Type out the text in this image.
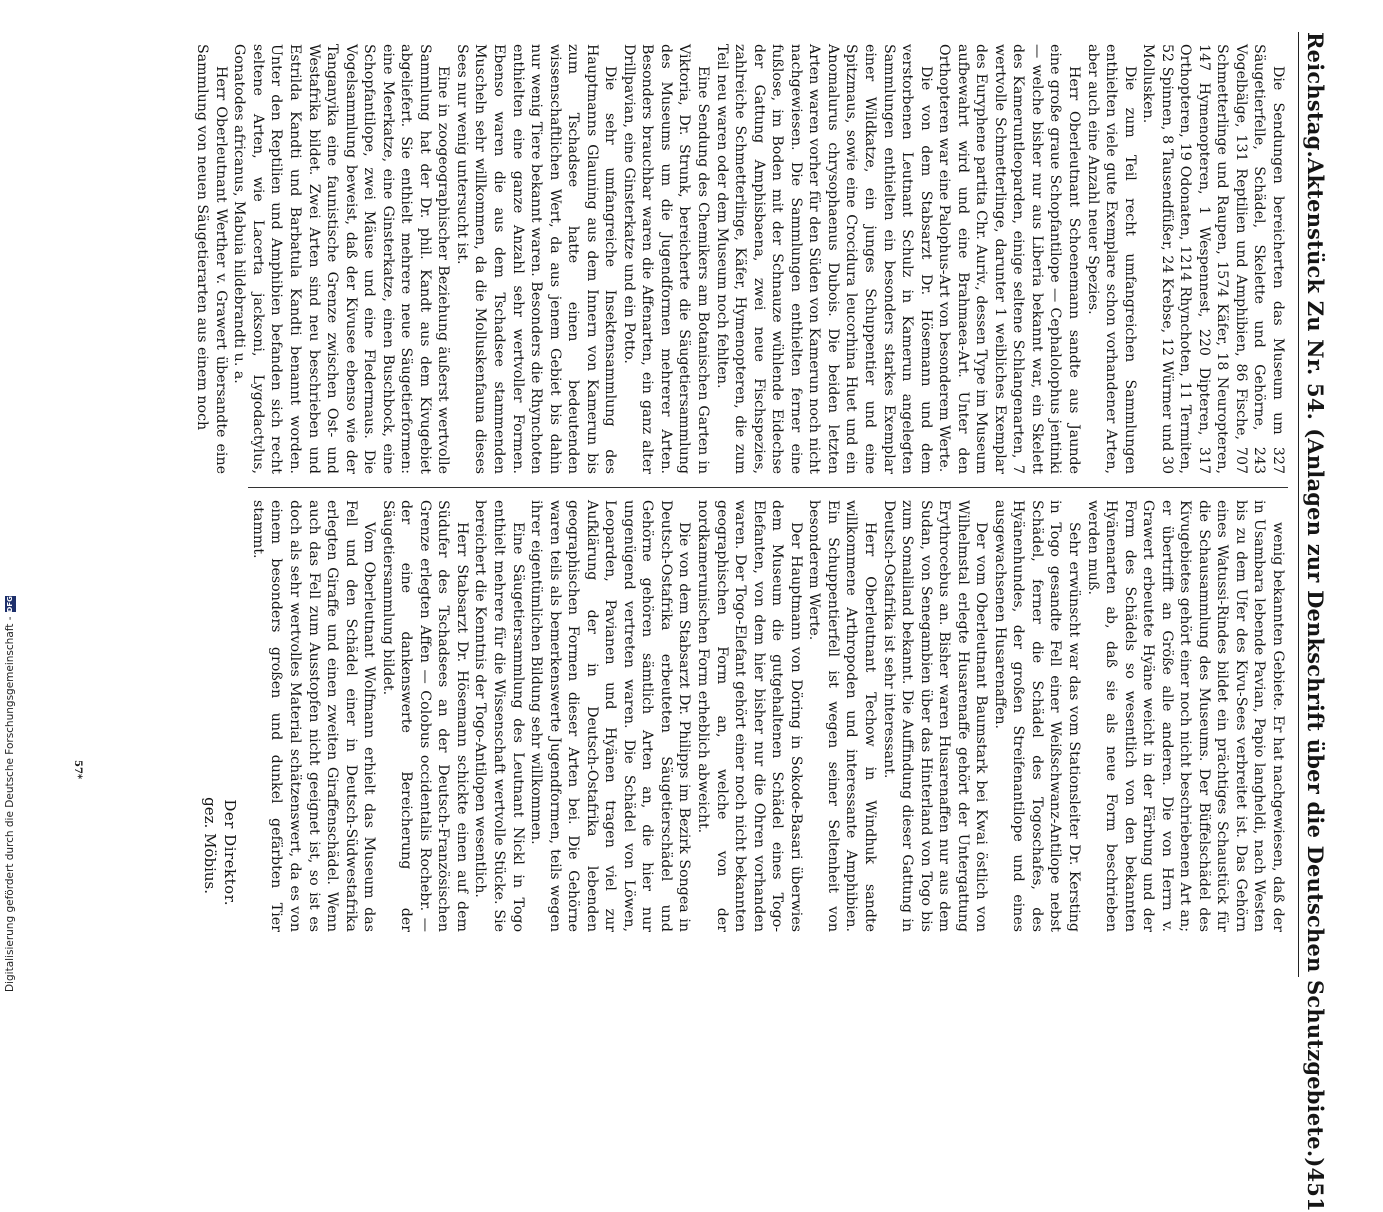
Reichstag.
Aktenstück Zu Nr. 54.
(Anlagen zur Denkschrift über die Deutschen Schutzgebiete.)
451

Die Sendungen bereicherten das Museum um 327 Säugetierfelle, Schädel, Skelette und Gehörne, 243 Vogelbälge, 131 Reptilien und Amphibien, 86 Fische, 707 Schmetterlinge und Raupen, 1574 Käfer, 18 Neuropteren, 147 Hymenopteren, 1 Wespennest, 220 Dipteren, 317 Orthopteren, 19 Odonaten, 1214 Rhynchoten, 11 Termiten, 52 Spinnen, 8 Tausendfüßer, 24 Krebse, 12 Würmer und 30 Mollusken.

Die zum Teil recht umfangreichen Sammlungen enthielten viele gute Exemplare schon vorhandener Arten, aber auch eine Anzahl neuer Spezies.

Herr Oberleutnant Schoenemann sandte aus Jaunde eine große graue Schopfantilope — Cephalolophus jentinki — welche bisher nur aus Liberia bekannt war, ein Skelett des Kameruntleoparden, einige seltene Schlangenarten, 7 wertvolle Schmetterlinge, darunter 1 weibliches Exemplar des Euryphene partita Chr. Auriv., dessen Type im Museum aufbewahrt wird und eine Brahmaea-Art. Unter den Orthopteren war eine Palophus-Art von besonderem Werte.

Die von dem Stabsarzt Dr. Hösemann und dem verstorbenen Leutnant Schulz in Kamerun angelegten Sammlungen enthielten ein besonders starkes Exemplar einer Wildkatze, ein junges Schuppentier und eine Spitzmaus, sowie eine Crocidura leucorhina Huet und ein Anomalurus chrysophaenus Dubois. Die beiden letzten Arten waren vorher für den Süden von Kamerun noch nicht nachgewiesen. Die Sammlungen enthielten ferner eine fußlose, im Boden mit der Schnauze wühlende Eidechse der Gattung Amphisbaena, zwei neue Fischspezies, zahlreiche Schmetterlinge, Käfer, Hymenopteren, die zum Teil neu waren oder dem Museum noch fehlten.

Eine Sendung des Chemikers am Botanischen Garten in Viktoria, Dr. Strunk, bereicherte die Säugetiersammlung des Museums um die Jugendformen mehrerer Arten. Besonders brauchbar waren die Affenarten, ein ganz alter Drillpavian, eine Ginsterkatze und ein Potto.

Die sehr umfangreiche Insektensammlung des Hauptmanns Glauning aus dem Innern von Kamerun bis zum Tschadsee hatte einen bedeutenden wissenschaftlichen Wert, da aus jenem Gebiet bis dahin nur wenig Tiere bekannt waren. Besonders die Rhynchoten enthielten eine ganze Anzahl sehr wertvoller Formen. Ebenso waren die aus dem Tschadsee stammenden Muscheln sehr willkommen, da die Molluskenfauna dieses Sees nur wenig untersucht ist.

Eine in zoogeographischer Beziehung äußerst wertvolle Sammlung hat der Dr. phil. Kandt aus dem Kivugebiet abgeliefert. Sie enthielt mehrere neue Säugetierformen: eine Meerkatze, eine Ginsterkatze, einen Buschbock, eine Schopfantilope, zwei Mäuse und eine Fledermaus. Die Vogelsammlung beweist, daß der Kivusee ebenso wie der Tanganyika eine faunistische Grenze zwischen Ost- und Westafrika bildet. Zwei Arten sind neu beschrieben und Estrilda Kandti und Barbatula Kandti benannt worden. Unter den Reptilien und Amphibien befanden sich recht seltene Arten, wie Lacerta jacksoni, Lygodactylus, Gonatodes africanus, Mabuia hildebrandti u. a.

Herr Oberleutnant Werther v. Grawert übersandte eine Sammlung von neuen Säugetierarten aus einem noch

wenig bekannten Gebiete. Er hat nachgewiesen, daß der in Usambara lebende Pavian, Papio langheldi, nach Westen bis zu dem Ufer des Kivu-Sees verbreitet ist. Das Gehörn eines Watussi-Rindes bildet ein prächtiges Schaustück für die Schausammlung des Museums. Der Büffelschädel des Kivugebietes gehört einer noch nicht beschriebenen Art an; er übertrifft an Größe alle anderen. Die von Herrn v. Grawert erbeutete Hyäne weicht in der Färbung und der Form des Schädels so wesentlich von den bekannten Hyänenarten ab, daß sie als neue Form beschrieben werden muß.

Sehr erwünscht war das vom Stationsleiter Dr. Kersting in Togo gesandte Fell einer Weißschwanz-Antilope nebst Schädel, ferner die Schädel des Togoschafes, des Hyänenhundes, der großen Streifenantilope und eines ausgewachsenen Husarenaffen.

Der vom Oberleutnant Baumstark bei Kwai östlich von Wilhelmstal erlegte Husarenaffe gehört der Untergattung Erythrocebus an. Bisher waren Husarenaffen nur aus dem Sudan, von Senegambien über das Hinterland von Togo bis zum Somaliland bekannt. Die Auffindung dieser Gattung in Deutsch-Ostafrika ist sehr interessant.

Herr Oberleutnant Techow in Windhuk sandte willkommene Arthropoden und interessante Amphibien. Ein Schuppentierfell ist wegen seiner Seltenheit von besonderem Werte.

Der Hauptmann von Döring in Sokode-Basari überwies dem Museum die gutgehaltenen Schädel eines Togo-Elefanten, von dem hier bisher nur die Ohren vorhanden waren. Der Togo-Elefant gehört einer noch nicht bekannten geographischen Form an, welche von der nordkamerunischen Form erheblich abweicht.

Die von dem Stabsarzt Dr. Philipps im Bezirk Songea in Deutsch-Ostafrika erbeuteten Säugetierschädel und Gehörne gehören sämtlich Arten an, die hier nur ungenügend vertreten waren. Die Schädel von Löwen, Leoparden, Pavianen und Hyänen tragen viel zur Aufklärung der in Deutsch-Ostafrika lebenden geographischen Formen dieser Arten bei. Die Gehörne waren teils als bemerkenswerte Jugendformen, teils wegen ihrer eigentümlichen Bildung sehr willkommen.

Eine Säugetiersammlung des Leutnant Nickl in Togo enthielt mehrere für die Wissenschaft wertvolle Stücke. Sie bereichert die Kenntnis der Togo-Antilopen wesentlich.

Herr Stabsarzt Dr. Hösemann schickte einen auf dem Südufer des Tschadsees an der Deutsch-Französischen Grenze erlegten Affen — Colobus occidentalis Rochebr. — der eine dankenswerte Bereicherung der Säugetiersammlung bildet.

Vom Oberleutnant Wolfmann erhielt das Museum das Fell und den Schädel einer in Deutsch-Südwestafrika erlegten Giraffe und einen zweiten Giraffenschädel. Wenn auch das Fell zum Ausstopfen nicht geeignet ist, so ist es doch als sehr wertvolles Material schätzenswert, da es von einem besonders großen und dunkel gefärbten Tier stammt.

Der Direktor.
gez. Möbius.
57*
Digitalisierung gefördert durch die Deutsche Forschungsgemeinschaft -
DFG
